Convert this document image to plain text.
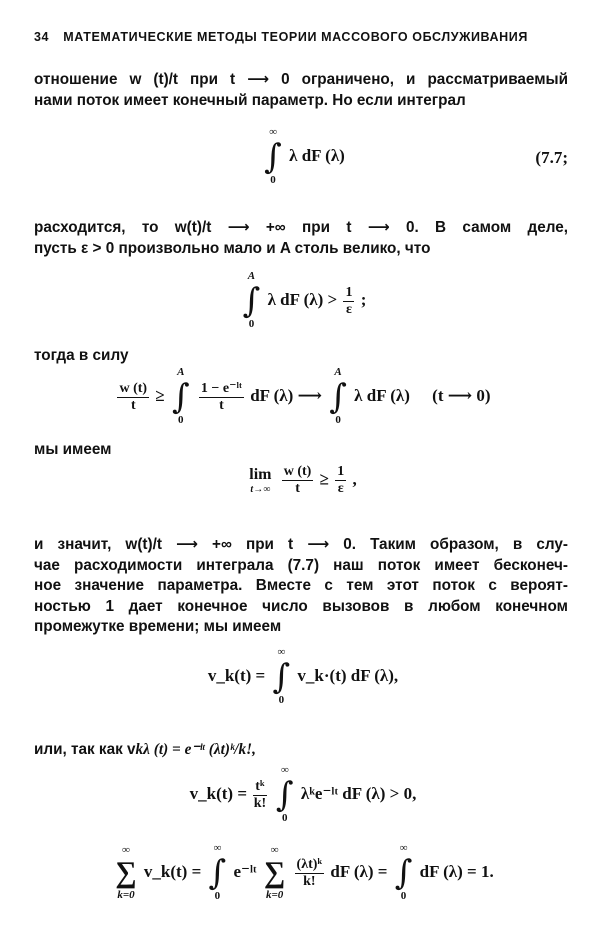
34 МАТЕМАТИЧЕСКИЕ МЕТОДЫ ТЕОРИИ МАССОВОГО ОБСЛУЖИВАНИЯ
отношение w (t)/t при t ⟶ 0 ограничено, и рассматриваемый
нами поток имеет конечный параметр. Но если интеграл
∞
∫
0
λ dF (λ)	(7.7;
расходится, то w(t)/t ⟶ +∞ при t ⟶ 0. В самом деле,
пусть ε > 0 произвольно мало и A столь велико, что
A
∫
0
λ dF $(\lambda) > \frac{1}{\varepsilon}$ ;
тогда в силу
$\frac{w (t)}{t}$ ≥
A
∫
0

$\frac{\text{1 − e⁻ˡᵗ}}{t}$ dF (λ) ⟶
A
∫
0
λ dF (λ) (t ⟶ 0)
мы имеем
lim
t→∞
$\frac{w (t)}{t} \ge \frac{1}{\varepsilon}$ ,
и значит, w(t)/t ⟶ +∞ при t ⟶ 0. Таким образом, в слу-
чае расходимости интеграла (7.7) наш поток имеет бесконеч-
ное значение параметра. Вместе с тем этот поток с вероят-
ностью 1 дает конечное число вызовов в любом конечном
промежутке времени; мы имеем
v_k(t) =
∞
∫
0
v_k·(t) dF (λ),
или, так как vkλ (t) = e⁻ˡᵗ (λt)ᵏ/k!,
v_k(t) = $\frac{\text{tᵏ}}{k!}$

∞
∫
0
λᵏe⁻ˡᵗ dF (λ) > 0,
∞
∑
k=0
v_k(t) =
∞
∫
0
e⁻ˡᵗ
∞
∑
k=0

$\frac{\text{(λt)ᵏ}}{k!}$ dF (λ) =
∞
∫
0
dF (λ) = 1.
